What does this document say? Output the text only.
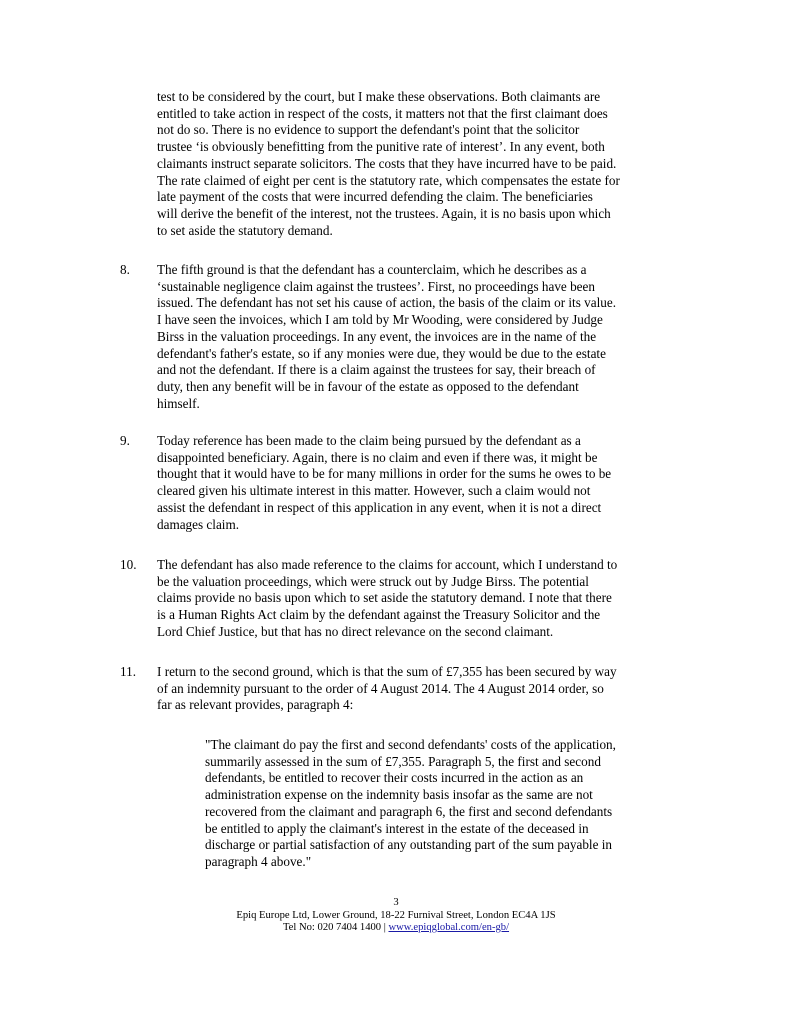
test to be considered by the court, but I make these observations. Both claimants are
entitled to take action in respect of the costs, it matters not that the first claimant does
not do so. There is no evidence to support the defendant's point that the solicitor
trustee ‘is obviously benefitting from the punitive rate of interest’. In any event, both
claimants instruct separate solicitors. The costs that they have incurred have to be paid.
The rate claimed of eight per cent is the statutory rate, which compensates the estate for
late payment of the costs that were incurred defending the claim. The beneficiaries
will derive the benefit of the interest, not the trustees. Again, it is no basis upon which
to set aside the statutory demand.
8. The fifth ground is that the defendant has a counterclaim, which he describes as a
‘sustainable negligence claim against the trustees’. First, no proceedings have been
issued. The defendant has not set his cause of action, the basis of the claim or its value.
I have seen the invoices, which I am told by Mr Wooding, were considered by Judge
Birss in the valuation proceedings. In any event, the invoices are in the name of the
defendant's father's estate, so if any monies were due, they would be due to the estate
and not the defendant. If there is a claim against the trustees for say, their breach of
duty, then any benefit will be in favour of the estate as opposed to the defendant
himself.
9. Today reference has been made to the claim being pursued by the defendant as a
disappointed beneficiary. Again, there is no claim and even if there was, it might be
thought that it would have to be for many millions in order for the sums he owes to be
cleared given his ultimate interest in this matter. However, such a claim would not
assist the defendant in respect of this application in any event, when it is not a direct
damages claim.
10. The defendant has also made reference to the claims for account, which I understand to
be the valuation proceedings, which were struck out by Judge Birss. The potential
claims provide no basis upon which to set aside the statutory demand. I note that there
is a Human Rights Act claim by the defendant against the Treasury Solicitor and the
Lord Chief Justice, but that has no direct relevance on the second claimant.
11. I return to the second ground, which is that the sum of £7,355 has been secured by way
of an indemnity pursuant to the order of 4 August 2014. The 4 August 2014 order, so
far as relevant provides, paragraph 4:
"The claimant do pay the first and second defendants' costs of the application,
summarily assessed in the sum of £7,355. Paragraph 5, the first and second
defendants, be entitled to recover their costs incurred in the action as an
administration expense on the indemnity basis insofar as the same are not
recovered from the claimant and paragraph 6, the first and second defendants
be entitled to apply the claimant's interest in the estate of the deceased in
discharge or partial satisfaction of any outstanding part of the sum payable in
paragraph 4 above."
3
Epiq Europe Ltd, Lower Ground, 18-22 Furnival Street, London EC4A 1JS
Tel No: 020 7404 1400 | www.epiqglobal.com/en-gb/
